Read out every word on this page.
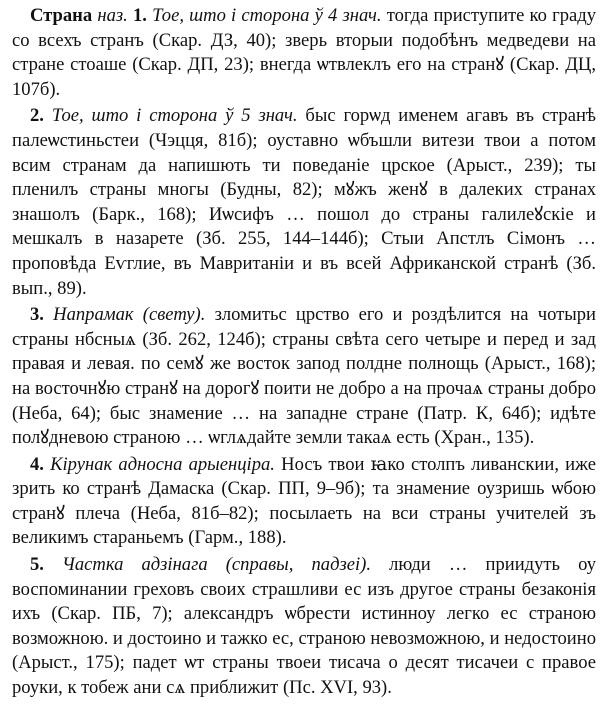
Страна наз. 1. Тое, што і сторона ў 4 знач. тогда приступите ко граду со всехъ странъ (Скар. ДЗ, 40); зверь вторыи подобѣнъ медведеви на стране стоаше (Скар. ДП, 23); внегда ѡтвлеклъ его на странꙋ (Скар. ДЦ, 107б).

2. Тое, што і сторона ў 5 знач. быс горѡд именем агавъ въ странѣ палеѡстиньстеи (Чэцця, 81б); оуставно ѡбъшли витези твои а потом всим странам да напишють ти поведаніе црское (Арыст., 239); ты пленилъ страны многы (Будны, 82); мꙋжъ женꙋ в далеких странах знашолъ (Барк., 168); Иѡсифъ … пошол до страны галилеꙋскіе и мешкалъ в назарете (Зб. 255, 144–144б); Стыи Апстлъ Сімонъ … проповѣда Еѵглие, въ Мавританіи и въ всей Африканской странѣ (Зб. вып., 89).

3. Напрамак (свету). зломитьс црство его и роздѣлится на чотыри страны нбсныѧ (Зб. 262, 124б); страны свѣта сего четыре и перед и зад правая и левая. по семꙋ же восток запод полдне полнощь (Арыст., 168); на восточнꙋю странꙋ на дорогꙋ поити не добро а на прочаѧ страны добро (Неба, 64); быс знамение … на западне стране (Патр. К, 64б); идѣте полꙋдневою страною … ѡглѧдайте земли такаѧ есть (Хран., 135).

4. Кірунак адносна арыенціра. Носъ твои ꙗко столпъ ливанскии, иже зрить ко странѣ Дамаска (Скар. ПП, 9–9б); та знамение оузришь ѡбою странꙋ плеча (Неба, 81б–82); посылаеть на вси страны учителей зъ великимъ стараньемъ (Гарм., 188).

5. Частка адзінага (справы, падзеі). люди … приидуть оу воспоминании греховъ своих страшливи ес изъ другое страны безаконія ихъ (Скар. ПБ, 7); александръ ѡбрести истинноу легко ес страною возможною. и достоино и тажко ес, страною невозможною, и недостоино (Арыст., 175); падет ѡт страны твоеи тисача о десят тисачеи с правое роуки, к тобеж ани сѧ приближит (Пс. XVI, 93).
